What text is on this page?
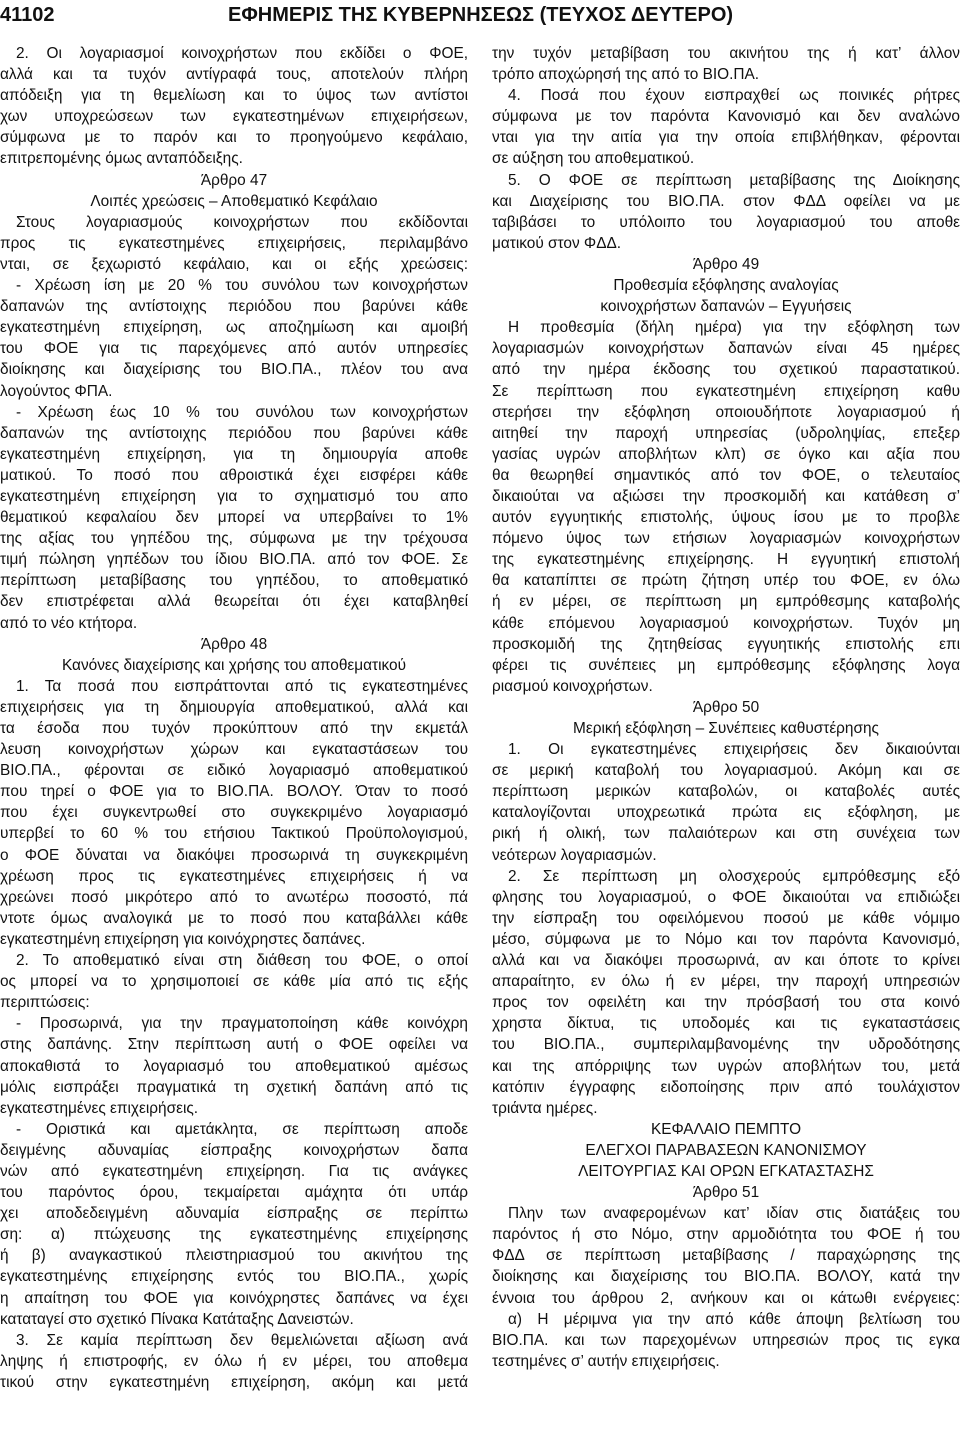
41102	ΕΦΗΜΕΡΙΣ ΤΗΣ ΚΥΒΕΡΝΗΣΕΩΣ (ΤΕΥΧΟΣ ΔΕΥΤΕΡΟ)
2. Οι λογαριασμοί κοινοχρήστων που εκδίδει ο ΦΟΕ,
αλλά και τα τυχόν αντίγραφά τους, αποτελούν πλήρη
απόδειξη για τη θεμελίωση και το ύψος των αντίστοι
χων υποχρεώσεων των εγκατεστημένων επιχειρήσεων,
σύμφωνα με το παρόν και το προηγούμενο κεφάλαιο,
επιτρεπομένης όμως ανταπόδειξης.
Άρθρο 47
Λοιπές χρεώσεις – Αποθεματικό Κεφάλαιο
Στους λογαριασμούς κοινοχρήστων που εκδίδονται
προς τις εγκατεστημένες επιχειρήσεις, περιλαμβάνο
νται, σε ξεχωριστό κεφάλαιο, και οι εξής χρεώσεις:
- Χρέωση ίση με 20 % του συνόλου των κοινοχρήστων
δαπανών της αντίστοιχης περιόδου που βαρύνει κάθε
εγκατεστημένη επιχείρηση, ως αποζημίωση και αμοιβή
του ΦΟΕ για τις παρεχόμενες από αυτόν υπηρεσίες
διοίκησης και διαχείρισης του ΒΙΟ.ΠΑ., πλέον του ανα
λογούντος ΦΠΑ.
- Χρέωση έως 10 % του συνόλου των κοινοχρήστων
δαπανών της αντίστοιχης περιόδου που βαρύνει κάθε
εγκατεστημένη επιχείρηση, για τη δημιουργία αποθε
ματικού. Το ποσό που αθροιστικά έχει εισφέρει κάθε
εγκατεστημένη επιχείρηση για το σχηματισμό του απο
θεματικού κεφαλαίου δεν μπορεί να υπερβαίνει το 1%
της αξίας του γηπέδου της, σύμφωνα με την τρέχουσα
τιμή πώληση γηπέδων του ίδιου ΒΙΟ.ΠΑ. από τον ΦΟΕ. Σε
περίπτωση μεταβίβασης του γηπέδου, το αποθεματικό
δεν επιστρέφεται αλλά θεωρείται ότι έχει καταβληθεί
από το νέο κτήτορα.
Άρθρο 48
Κανόνες διαχείρισης και χρήσης του αποθεματικού
1. Τα ποσά που εισπράττονται από τις εγκατεστημένες
επιχειρήσεις για τη δημιουργία αποθεματικού, αλλά και
τα έσοδα που τυχόν προκύπτουν από την εκμετάλ
λευση κοινοχρήστων χώρων και εγκαταστάσεων του
ΒΙΟ.ΠΑ., φέρονται σε ειδικό λογαριασμό αποθεματικού
που τηρεί ο ΦΟΕ για το ΒΙΟ.ΠΑ. ΒΟΛΟΥ. Όταν το ποσό
που έχει συγκεντρωθεί στο συγκεκριμένο λογαριασμό
υπερβεί το 60 % του ετήσιου Τακτικού Προϋπολογισμού,
ο ΦΟΕ δύναται να διακόψει προσωρινά τη συγκεκριμένη
χρέωση προς τις εγκατεστημένες επιχειρήσεις ή να
χρεώνει ποσό μικρότερο από το ανωτέρω ποσοστό, πά
ντοτε όμως αναλογικά με το ποσό που καταβάλλει κάθε
εγκατεστημένη επιχείρηση για κοινόχρηστες δαπάνες.
2. Το αποθεματικό είναι στη διάθεση του ΦΟΕ, ο οποί
ος μπορεί να το χρησιμοποιεί σε κάθε μία από τις εξής
περιπτώσεις:
- Προσωρινά, για την πραγματοποίηση κάθε κοινόχρη
στης δαπάνης. Στην περίπτωση αυτή ο ΦΟΕ οφείλει να
αποκαθιστά το λογαριασμό του αποθεματικού αμέσως
μόλις εισπράξει πραγματικά τη σχετική δαπάνη από τις
εγκατεστημένες επιχειρήσεις.
- Οριστικά και αμετάκλητα, σε περίπτωση αποδε
δειγμένης αδυναμίας είσπραξης κοινοχρήστων δαπα
νών από εγκατεστημένη επιχείρηση. Για τις ανάγκες
του παρόντος όρου, τεκμαίρεται αμάχητα ότι υπάρ
χει αποδεδειγμένη αδυναμία είσπραξης σε περίπτω
ση: α) πτώχευσης της εγκατεστημένης επιχείρησης
ή β) αναγκαστικού πλειστηριασμού του ακινήτου της
εγκατεστημένης επιχείρησης εντός του ΒΙΟ.ΠΑ., χωρίς
η απαίτηση του ΦΟΕ για κοινόχρηστες δαπάνες να έχει
καταταγεί στο σχετικό Πίνακα Κατάταξης Δανειστών.
3. Σε καμία περίπτωση δεν θεμελιώνεται αξίωση ανά
ληψης ή επιστροφής, εν όλω ή εν μέρει, του αποθεμα
τικού στην εγκατεστημένη επιχείρηση, ακόμη και μετά
την τυχόν μεταβίβαση του ακινήτου της ή κατ’ άλλον
τρόπο αποχώρησή της από το ΒΙΟ.ΠΑ.
4. Ποσά που έχουν εισπραχθεί ως ποινικές ρήτρες
σύμφωνα με τον παρόντα Κανονισμό και δεν αναλώνο
νται για την αιτία για την οποία επιβλήθηκαν, φέρονται
σε αύξηση του αποθεματικού.
5. Ο ΦΟΕ σε περίπτωση μεταβίβασης της Διοίκησης
και Διαχείρισης του ΒΙΟ.ΠΑ. στον ΦΔΔ οφείλει να με
ταβιβάσει το υπόλοιπο του λογαριασμού του αποθε
ματικού στον ΦΔΔ.
Άρθρο 49
Προθεσμία εξόφλησης αναλογίας
κοινοχρήστων δαπανών – Εγγυήσεις
Η προθεσμία (δήλη ημέρα) για την εξόφληση των
λογαριασμών κοινοχρήστων δαπανών είναι 45 ημέρες
από την ημέρα έκδοσης του σχετικού παραστατικού.
Σε περίπτωση που εγκατεστημένη επιχείρηση καθυ
στερήσει την εξόφληση οποιουδήποτε λογαριασμού ή
αιτηθεί την παροχή υπηρεσίας (υδροληψίας, επεξερ
γασίας υγρών αποβλήτων κλπ) σε όγκο και αξία που
θα θεωρηθεί σημαντικός από τον ΦΟΕ, ο τελευταίος
δικαιούται να αξιώσει την προσκομιδή και κατάθεση σ’
αυτόν εγγυητικής επιστολής, ύψους ίσου με το προβλε
πόμενο ύψος των ετήσιων λογαριασμών κοινοχρήστων
της εγκατεστημένης επιχείρησης. Η εγγυητική επιστολή
θα καταπίπτει σε πρώτη ζήτηση υπέρ του ΦΟΕ, εν όλω
ή εν μέρει, σε περίπτωση μη εμπρόθεσμης καταβολής
κάθε επόμενου λογαριασμού κοινοχρήστων. Τυχόν μη
προσκομιδή της ζητηθείσας εγγυητικής επιστολής επι
φέρει τις συνέπειες μη εμπρόθεσμης εξόφλησης λογα
ριασμού κοινοχρήστων.
Άρθρο 50
Μερική εξόφληση – Συνέπειες καθυστέρησης
1. Οι εγκατεστημένες επιχειρήσεις δεν δικαιούνται
σε μερική καταβολή του λογαριασμού. Ακόμη και σε
περίπτωση μερικών καταβολών, οι καταβολές αυτές
καταλογίζονται υποχρεωτικά πρώτα εις εξόφληση, με
ρική ή ολική, των παλαιότερων και στη συνέχεια των
νεότερων λογαριασμών.
2. Σε περίπτωση μη ολοσχερούς εμπρόθεσμης εξό
φλησης του λογαριασμού, ο ΦΟΕ δικαιούται να επιδιώξει
την είσπραξη του οφειλόμενου ποσού με κάθε νόμιμο
μέσο, σύμφωνα με το Νόμο και τον παρόντα Κανονισμό,
αλλά και να διακόψει προσωρινά, αν και όποτε το κρίνει
απαραίτητο, εν όλω ή εν μέρει, την παροχή υπηρεσιών
προς τον οφειλέτη και την πρόσβασή του στα κοινό
χρηστα δίκτυα, τις υποδομές και τις εγκαταστάσεις
του ΒΙΟ.ΠΑ., συμπεριλαμβανομένης την υδροδότησης
και της απόρριψης των υγρών αποβλήτων του, μετά
κατόπιν έγγραφης ειδοποίησης πριν από τουλάχιστον
τριάντα ημέρες.
ΚΕΦΑΛΑΙΟ ΠΕΜΠΤΟ
ΕΛΕΓΧΟΙ ΠΑΡΑΒΑΣΕΩΝ ΚΑΝΟΝΙΣΜΟΥ
ΛΕΙΤΟΥΡΓΙΑΣ ΚΑΙ ΟΡΩΝ ΕΓΚΑΤΑΣΤΑΣΗΣ
Άρθρο 51
Πλην των αναφερομένων κατ’ ιδίαν στις διατάξεις του
παρόντος ή στο Νόμο, στην αρμοδιότητα του ΦΟΕ ή του
ΦΔΔ σε περίπτωση μεταβίβασης / παραχώρησης της
διοίκησης και διαχείρισης του ΒΙΟ.ΠΑ. ΒΟΛΟΥ, κατά την
έννοια του άρθρου 2, ανήκουν και οι κάτωθι ενέργειες:
α) Η μέριμνα για την από κάθε άποψη βελτίωση του
ΒΙΟ.ΠΑ. και των παρεχομένων υπηρεσιών προς τις εγκα
τεστημένες σ’ αυτήν επιχειρήσεις.
